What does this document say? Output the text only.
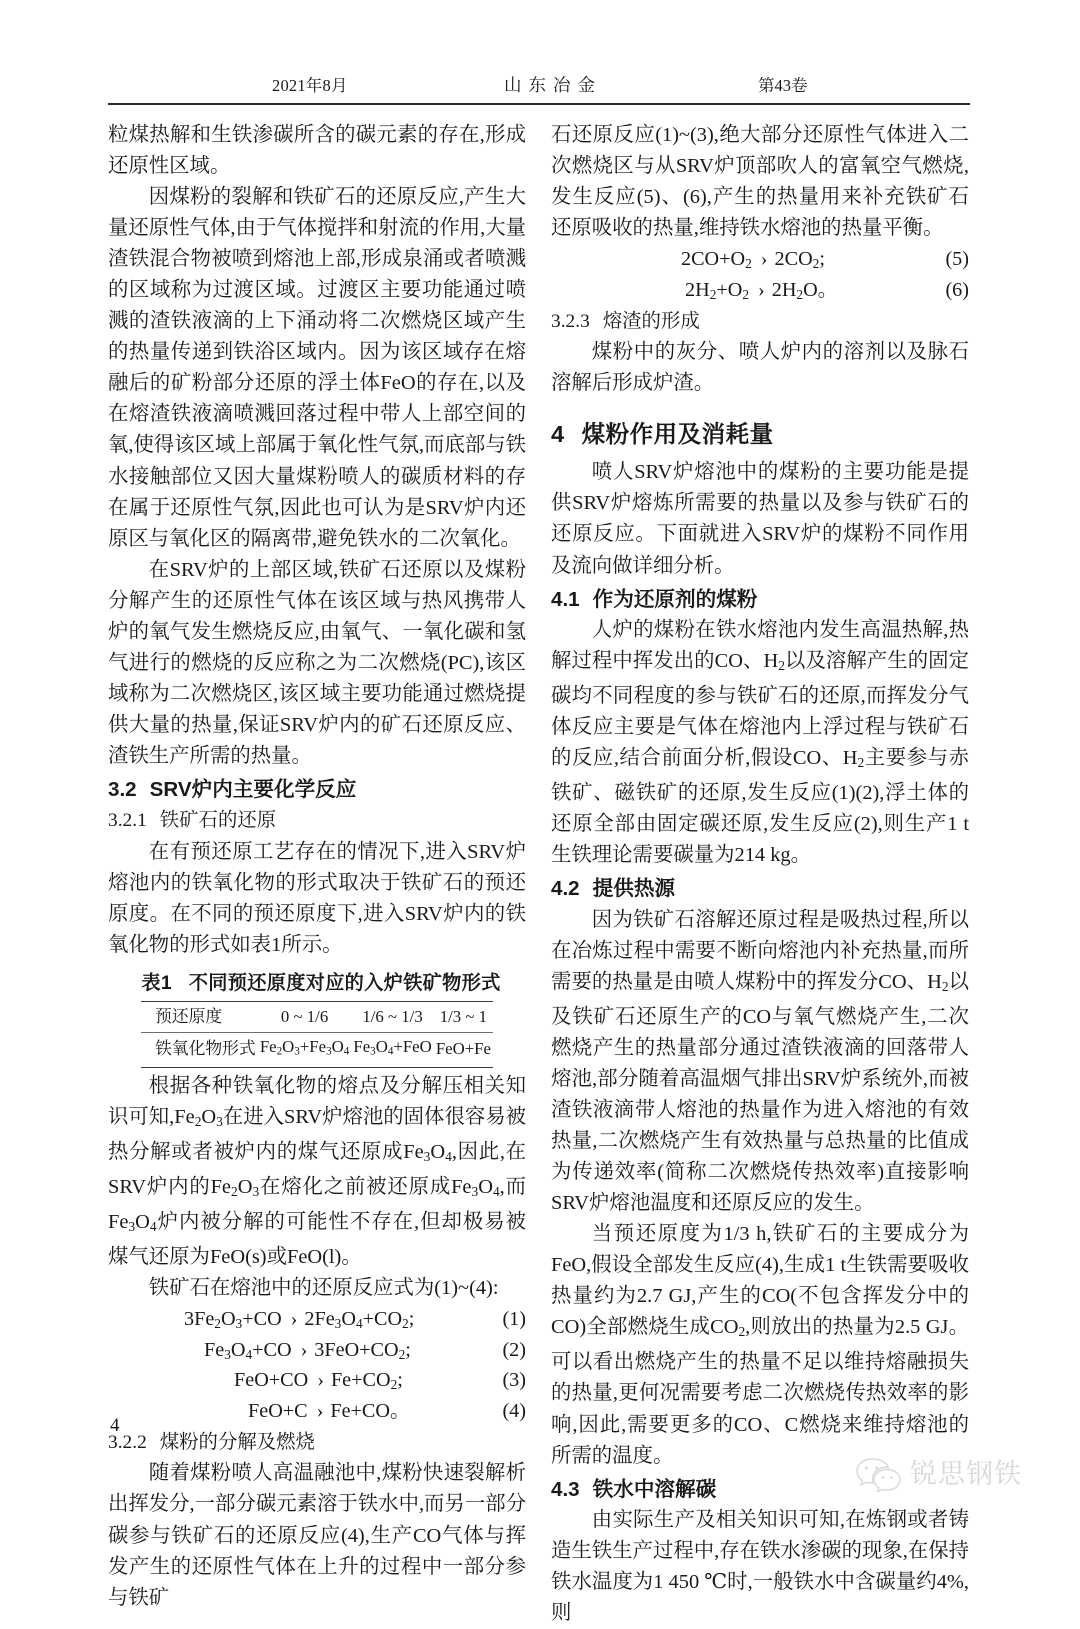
2021年8月	山东冶金	第43卷

粒煤热解和生铁渗碳所含的碳元素的存在,形成还原性区域。

因煤粉的裂解和铁矿石的还原反应,产生大量还原性气体,由于气体搅拌和射流的作用,大量渣铁混合物被喷到熔池上部,形成泉涌或者喷溅的区域称为过渡区域。过渡区主要功能通过喷溅的渣铁液滴的上下涌动将二次燃烧区域产生的热量传递到铁浴区域内。因为该区域存在熔融后的矿粉部分还原的浮土体FeO的存在,以及在熔渣铁液滴喷溅回落过程中带人上部空间的氧,使得该区域上部属于氧化性气氛,而底部与铁水接触部位又因大量煤粉喷人的碳质材料的存在属于还原性气氛,因此也可认为是SRV炉内还原区与氧化区的隔离带,避免铁水的二次氧化。

在SRV炉的上部区域,铁矿石还原以及煤粉分解产生的还原性气体在该区域与热风携带人炉的氧气发生燃烧反应,由氧气、一氧化碳和氢气进行的燃烧的反应称之为二次燃烧(PC),该区域称为二次燃烧区,该区域主要功能通过燃烧提供大量的热量,保证SRV炉内的矿石还原反应、渣铁生产所需的热量。

3.2 SRV炉内主要化学反应
3.2.1 铁矿石的还原

在有预还原工艺存在的情况下,进入SRV炉熔池内的铁氧化物的形式取决于铁矿石的预还原度。在不同的预还原度下,进入SRV炉内的铁氧化物的形式如表1所示。

表1 不同预还原度对应的入炉铁矿物形式
预还原度	0 ~ 1/6	1/6 ~ 1/3	1/3 ~ 1
铁氧化物形式	$Fe_2O_3+Fe_3O_4$	$Fe_3O_4+FeO$	FeO+Fe

根据各种铁氧化物的熔点及分解压相关知识可知$,Fe_2O_3$在进入SRV炉熔池的固体很容易被热分解或者被炉内的煤气还原成$Fe_3O_4$,因此,在SRV炉内的$Fe_2O_3$在熔化之前被还原成$Fe_3O_4$,而$Fe_3O_4$炉内被分解的可能性不存在,但却极易被煤气还原为FeO(s)或FeO(l)。

铁矿石在熔池中的还原反应式为(1)~(4):

$3Fe_2O_3+CO$ › $2Fe_3O_4+CO_2$;	(1)
$Fe_3O_4+CO$ › $3FeO+CO_2$;	(2)
FeO+CO › $Fe+CO_2$;	(3)
FeO+C › Fe+CO。	(4)
3.2.2 煤粉的分解及燃烧

随着煤粉喷人高温融池中,煤粉快速裂解析出挥发分,一部分碳元素溶于铁水中,而另一部分碳参与铁矿石的还原反应(4),生产CO气体与挥发产生的还原性气体在上升的过程中一部分参与铁矿

石还原反应(1)~(3),绝大部分还原性气体进入二次燃烧区与从SRV炉顶部吹人的富氧空气燃烧,发生反应(5)、(6),产生的热量用来补充铁矿石还原吸收的热量,维持铁水熔池的热量平衡。

$2CO+O_2$ › $2CO_2$;	(5)
$2H_2+O_2$ › $2H_2O$。	(6)
3.2.3 熔渣的形成

煤粉中的灰分、喷人炉内的溶剂以及脉石溶解后形成炉渣。

4 煤粉作用及消耗量

喷人SRV炉熔池中的煤粉的主要功能是提供SRV炉熔炼所需要的热量以及参与铁矿石的还原反应。下面就进入SRV炉的煤粉不同作用及流向做详细分析。

4.1 作为还原剂的煤粉

人炉的煤粉在铁水熔池内发生高温热解,热解过程中挥发出的CO、$H_2$以及溶解产生的固定碳均不同程度的参与铁矿石的还原,而挥发分气体反应主要是气体在熔池内上浮过程与铁矿石的反应,结合前面分析,假设CO、$H_2$主要参与赤铁矿、磁铁矿的还原,发生反应(1)(2),浮土体的还原全部由固定碳还原,发生反应(2),则生产1 t生铁理论需要碳量为214 kg。

4.2 提供热源

因为铁矿石溶解还原过程是吸热过程,所以在冶炼过程中需要不断向熔池内补充热量,而所需要的热量是由喷人煤粉中的挥发分CO、$H_2$以及铁矿石还原生产的CO与氧气燃烧产生,二次燃烧产生的热量部分通过渣铁液滴的回落带人熔池,部分随着高温烟气排出SRV炉系统外,而被渣铁液滴带人熔池的热量作为进入熔池的有效热量,二次燃烧产生有效热量与总热量的比值成为传递效率(简称二次燃烧传热效率)直接影响SRV炉熔池温度和还原反应的发生。

当预还原度为1/3 h,铁矿石的主要成分为FeO,假设全部发生反应(4),生成1 t生铁需要吸收热量约为2.7 GJ,产生的CO(不包含挥发分中的CO)全部燃烧生成$CO_2$,则放出的热量为2.5 GJ。可以看出燃烧产生的热量不足以维持熔融损失的热量,更何况需要考虑二次燃烧传热效率的影响,因此,需要更多的CO、C燃烧来维持熔池的所需的温度。

4.3 铁水中溶解碳

由实际生产及相关知识可知,在炼钢或者铸造生铁生产过程中,存在铁水渗碳的现象,在保持铁水温度为1 450 ℃时,一般铁水中含碳量约4%,则

4
锐思钢铁
